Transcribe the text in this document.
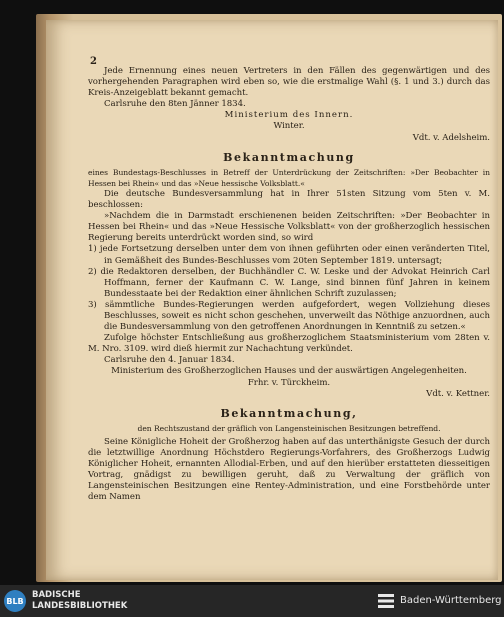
2

Jede Ernennung eines neuen Vertreters in den Fällen des gegenwärtigen und des vorhergehenden Paragraphen wird eben so, wie die erstmalige Wahl (§. 1 und 3.) durch das Kreis-Anzeigeblatt bekannt gemacht.

Carlsruhe den 8ten Jänner 1834.

Ministerium des Innern.

Winter.

Vdt. v. Adelsheim.

Bekanntmachung

eines Bundestags-Beschlusses in Betreff der Unterdrückung der Zeitschriften: »Der Beobachter in Hessen bei Rhein« und das »Neue hessische Volksblatt.«

Die deutsche Bundesversammlung hat in Ihrer 51sten Sitzung vom 5ten v. M. beschlossen:

»Nachdem die in Darmstadt erschienenen beiden Zeitschriften: »Der Beobachter in Hessen bei Rhein« und das »Neue Hessische Volksblatt« von der großherzoglich hessischen Regierung bereits unterdrückt worden sind, so wird

1) jede Fortsetzung derselben unter dem von ihnen geführten oder einen veränderten Titel, in Gemäßheit des Bundes-Beschlusses vom 20ten September 1819. untersagt;

2) die Redaktoren derselben, der Buchhändler C. W. Leske und der Advokat Heinrich Carl Hoffmann, ferner der Kaufmann C. W. Lange, sind binnen fünf Jahren in keinem Bundesstaate bei der Redaktion einer ähnlichen Schrift zuzulassen;

3) sämmtliche Bundes-Regierungen werden aufgefordert, wegen Vollziehung dieses Beschlusses, soweit es nicht schon geschehen, unverweilt das Nöthige anzuordnen, auch die Bundesversammlung von den getroffenen Anordnungen in Kenntniß zu setzen.«

Zufolge höchster Entschließung aus großherzoglichem Staatsministerium vom 28ten v. M. Nro. 3109. wird dieß hiermit zur Nachachtung verkündet.

Carlsruhe den 4. Januar 1834.

Ministerium des Großherzoglichen Hauses und der auswärtigen Angelegenheiten.

Frhr. v. Türckheim.

Vdt. v. Kettner.

Bekanntmachung,

den Rechtszustand der gräflich von Langensteinischen Besitzungen betreffend.

Seine Königliche Hoheit der Großherzog haben auf das unterthänigste Gesuch der durch die letztwillige Anordnung Höchstdero Regierungs-Vorfahrers, des Großherzogs Ludwig Königlicher Hoheit, ernannten Allodial-Erben, und auf den hierüber erstatteten diesseitigen Vortrag, gnädigst zu bewilligen geruht, daß zu Verwaltung der gräflich von Langensteinischen Besitzungen eine Rentey-Administration, und eine Forstbehörde unter dem Namen

BLB
BADISCHE
LANDESBIBLIOTHEK	Baden-Württemberg
